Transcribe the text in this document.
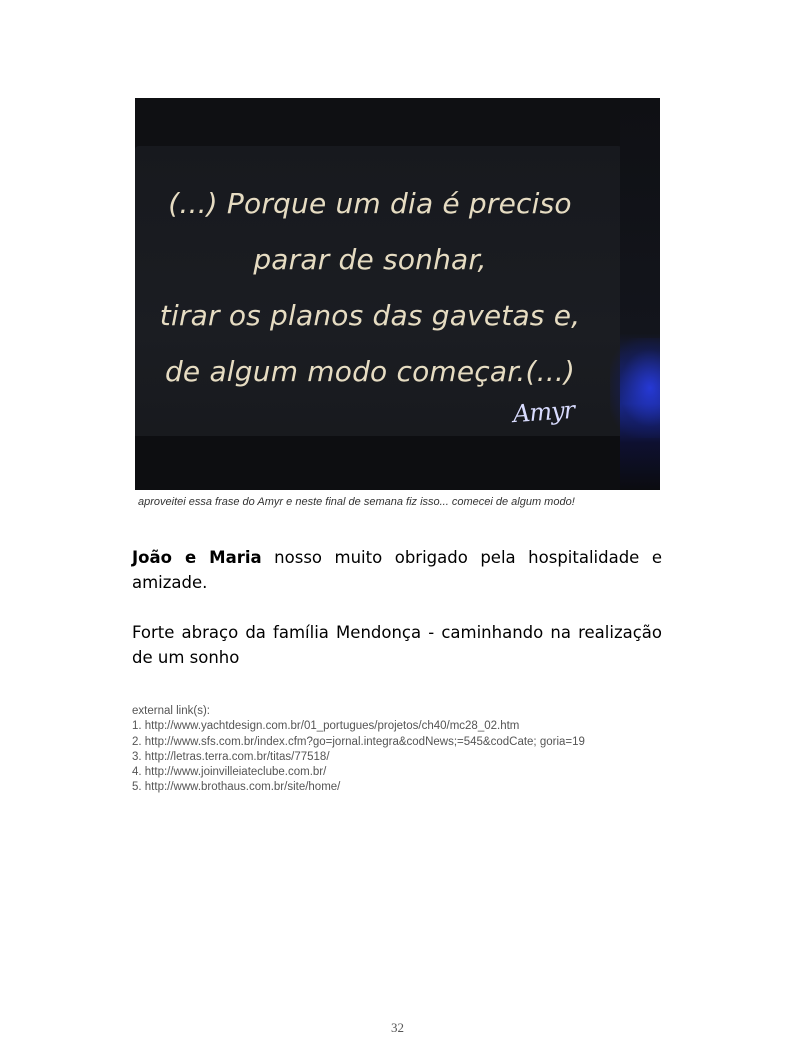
(...) Porque um dia é preciso
parar de sonhar,
tirar os planos das gavetas e,
de algum modo começar.(...)
Amyr
aproveitei essa frase do Amyr e neste final de semana fiz isso... comecei de algum modo!
João e Maria nosso muito obrigado pela hospitalidade e amizade.
Forte abraço da família Mendonça - caminhando na realização de um sonho
external link(s):
1. http://www.yachtdesign.com.br/01_portugues/projetos/ch40/mc28_02.htm
2. http://www.sfs.com.br/index.cfm?go=jornal.integra&codNews;=545&codCate; goria=19
3. http://letras.terra.com.br/titas/77518/
4. http://www.joinvilleiateclube.com.br/
5. http://www.brothaus.com.br/site/home/
32
